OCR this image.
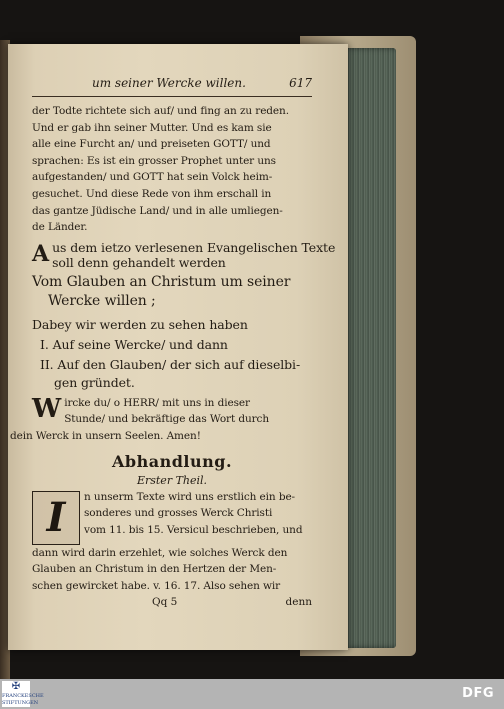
um seiner Wercke willen.	617
der Todte richtete sich auf/ und fing an zu reden.
Und er gab ihn seiner Mutter. Und es kam sie
alle eine Furcht an/ und preiseten GOTT/ und
sprachen: Es ist ein grosser Prophet unter uns
aufgestanden/ und GOTT hat sein Volck heim-
gesuchet. Und diese Rede von ihm erschall in
das gantze Jüdische Land/ und in alle umliegen-
de Länder.
A us dem ietzo verlesenen Evangelischen Texte
soll denn gehandelt werden
Vom Glauben an Christum um seiner
Wercke willen ;
Dabey wir werden zu sehen haben
I. Auf seine Wercke/ und dann
II. Auf den Glauben/ der sich auf dieselbi-
gen gründet.
W ircke du/ o HERR/ mit uns in dieser
Stunde/ und bekräftige das Wort durch
dein Werck in unsern Seelen. Amen!
Abhandlung.
Erster Theil.
I	n unserm Texte wird uns erstlich ein be-
sonderes und grosses Werck Christi
vom 11. bis 15. Versicul beschrieben, und
dann wird darin erzehlet, wie solches Werck den
Glauben an Christum in den Hertzen der Men-
schen gewircket habe. v. 16. 17. Also sehen wir
Qq 5	denn
✠
FRANCKESCHE STIFTUNGEN
DFG
